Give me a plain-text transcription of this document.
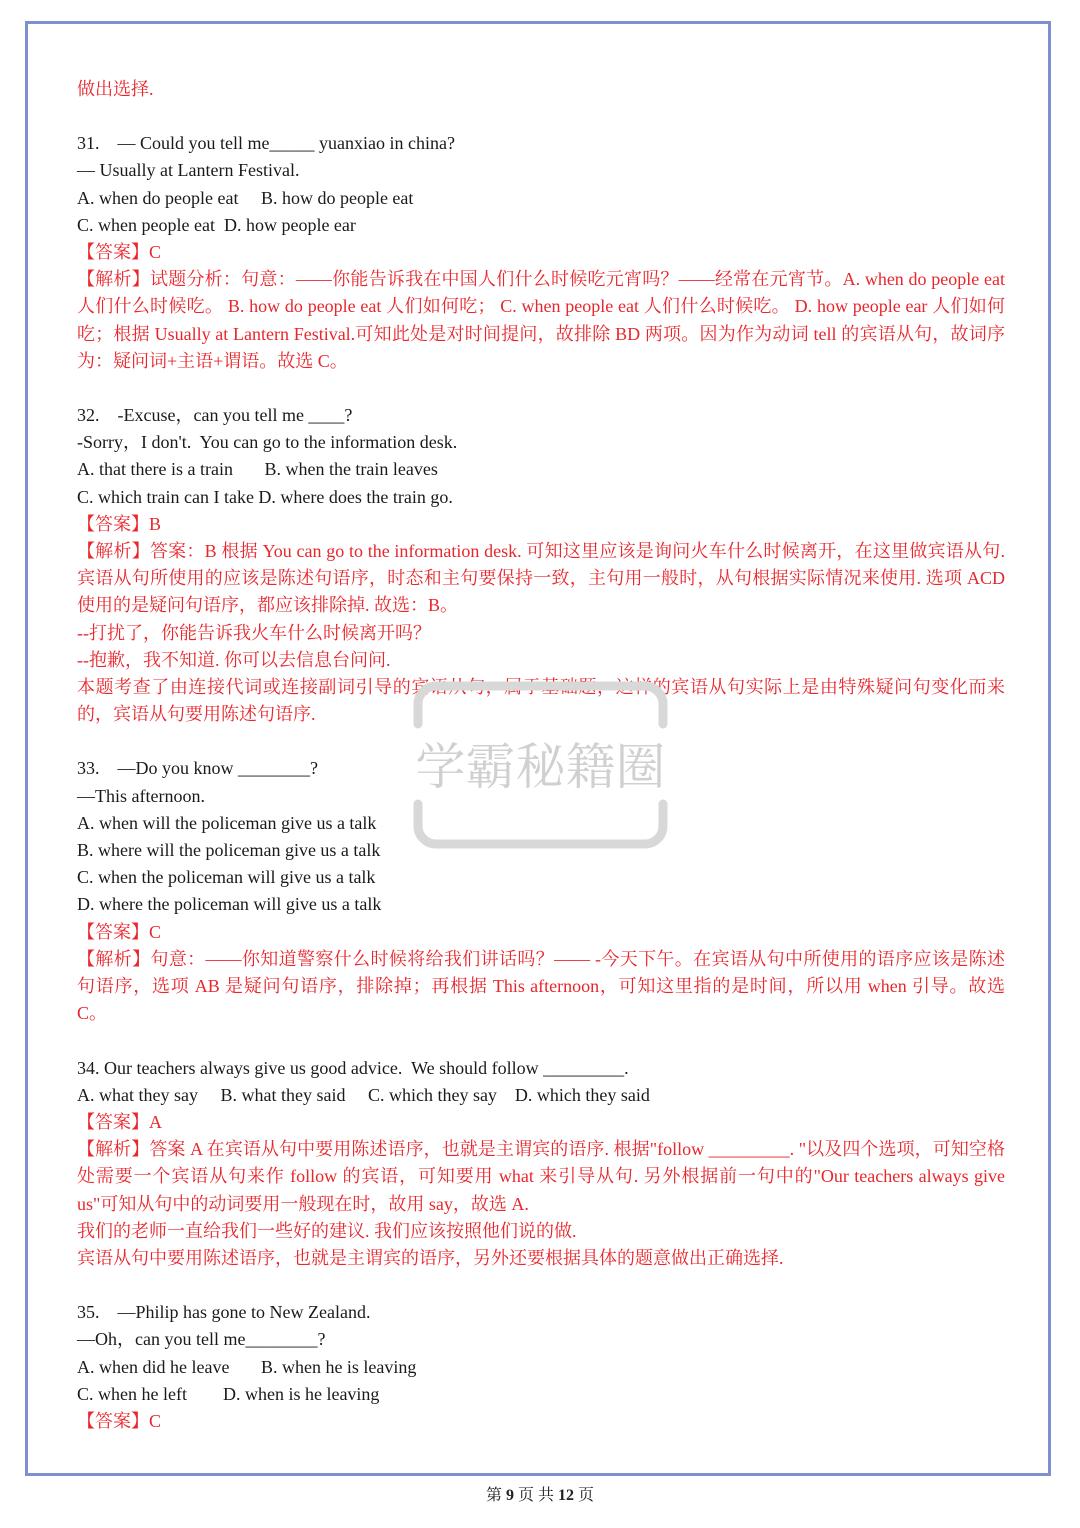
做出选择.
31.    — Could you tell me_____ yuanxiao in china?
— Usually at Lantern Festival.
A. when do people eat     B. how do people eat
C. when people eat  D. how people ear
【答案】C
【解析】试题分析：句意：——你能告诉我在中国人们什么时候吃元宵吗？——经常在元宵节。A. when do people eat 人们什么时候吃。 B. how do people eat 人们如何吃； C. when people eat 人们什么时候吃。 D. how people ear 人们如何吃；根据 Usually at Lantern Festival.可知此处是对时间提问，故排除 BD 两项。因为作为动词 tell 的宾语从句，故词序为：疑问词+主语+谓语。故选 C。
32.    -Excuse，can you tell me ____?
-Sorry，I don't.  You can go to the information desk.
A. that there is a train       B. when the train leaves
C. which train can I take D. where does the train go.
【答案】B
【解析】答案：B 根据 You can go to the information desk. 可知这里应该是询问火车什么时候离开，在这里做宾语从句. 宾语从句所使用的应该是陈述句语序，时态和主句要保持一致，主句用一般时，从句根据实际情况来使用. 选项 ACD 使用的是疑问句语序，都应该排除掉. 故选：B。
--打扰了，你能告诉我火车什么时候离开吗？
--抱歉，我不知道. 你可以去信息台问问.
本题考查了由连接代词或连接副词引导的宾语从句，属于基础题，这样的宾语从句实际上是由特殊疑问句变化而来的，宾语从句要用陈述句语序.
33.    —Do you know ________?
—This afternoon.
A. when will the policeman give us a talk
B. where will the policeman give us a talk
C. when the policeman will give us a talk
D. where the policeman will give us a talk
【答案】C
【解析】句意：——你知道警察什么时候将给我们讲话吗？—— -今天下午。在宾语从句中所使用的语序应该是陈述句语序，选项 AB 是疑问句语序，排除掉；再根据 This afternoon，可知这里指的是时间，所以用 when 引导。故选 C。
34. Our teachers always give us good advice.  We should follow _________.
A. what they say     B. what they said     C. which they say    D. which they said
【答案】A
【解析】答案 A 在宾语从句中要用陈述语序，也就是主谓宾的语序. 根据"follow _________. "以及四个选项，可知空格处需要一个宾语从句来作 follow 的宾语，可知要用 what 来引导从句. 另外根据前一句中的"Our teachers always give us"可知从句中的动词要用一般现在时，故用 say，故选 A.
我们的老师一直给我们一些好的建议. 我们应该按照他们说的做.
宾语从句中要用陈述语序，也就是主谓宾的语序，另外还要根据具体的题意做出正确选择.
35.    —Philip has gone to New Zealand.
—Oh，can you tell me________?
A. when did he leave       B. when he is leaving
C. when he left        D. when is he leaving
【答案】C
学霸秘籍圈
第 9 页 共 12 页
